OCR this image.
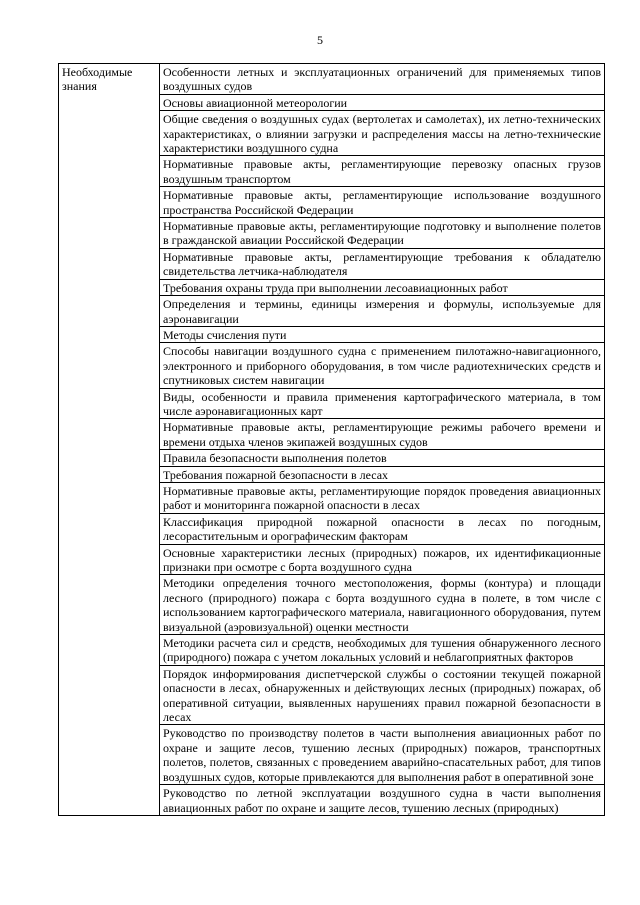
5
Необходимые знания	Особенности летных и эксплуатационных ограничений для применяемых типов воздушных судов
Основы авиационной метеорологии
Общие сведения о воздушных судах (вертолетах и самолетах), их летно-технических характеристиках, о влиянии загрузки и распределения массы на летно-технические характеристики воздушного судна
Нормативные правовые акты, регламентирующие перевозку опасных грузов воздушным транспортом
Нормативные правовые акты, регламентирующие использование воздушного пространства Российской Федерации
Нормативные правовые акты, регламентирующие подготовку и выполнение полетов в гражданской авиации Российской Федерации
Нормативные правовые акты, регламентирующие требования к обладателю свидетельства летчика-наблюдателя
Требования охраны труда при выполнении лесоавиационных работ
Определения и термины, единицы измерения и формулы, используемые для аэронавигации
Методы счисления пути
Способы навигации воздушного судна с применением пилотажно-навигационного, электронного и приборного оборудования, в том числе радиотехнических средств и спутниковых систем навигации
Виды, особенности и правила применения картографического материала, в том числе аэронавигационных карт
Нормативные правовые акты, регламентирующие режимы рабочего времени и времени отдыха членов экипажей воздушных судов
Правила безопасности выполнения полетов
Требования пожарной безопасности в лесах
Нормативные правовые акты, регламентирующие порядок проведения авиационных работ и мониторинга пожарной опасности в лесах
Классификация природной пожарной опасности в лесах по погодным, лесорастительным и орографическим факторам
Основные характеристики лесных (природных) пожаров, их идентификационные признаки при осмотре с борта воздушного судна
Методики определения точного местоположения, формы (контура) и площади лесного (природного) пожара с борта воздушного судна в полете, в том числе с использованием картографического материала, навигационного оборудования, путем визуальной (аэровизуальной) оценки местности
Методики расчета сил и средств, необходимых для тушения обнаруженного лесного (природного) пожара с учетом локальных условий и неблагоприятных факторов
Порядок информирования диспетчерской службы о состоянии текущей пожарной опасности в лесах, обнаруженных и действующих лесных (природных) пожарах, об оперативной ситуации, выявленных нарушениях правил пожарной безопасности в лесах
Руководство по производству полетов в части выполнения авиационных работ по охране и защите лесов, тушению лесных (природных) пожаров, транспортных полетов, полетов, связанных с проведением аварийно-спасательных работ, для типов воздушных судов, которые привлекаются для выполнения работ в оперативной зоне
Руководство по летной эксплуатации воздушного судна в части выполнения авиационных работ по охране и защите лесов, тушению лесных (природных)
